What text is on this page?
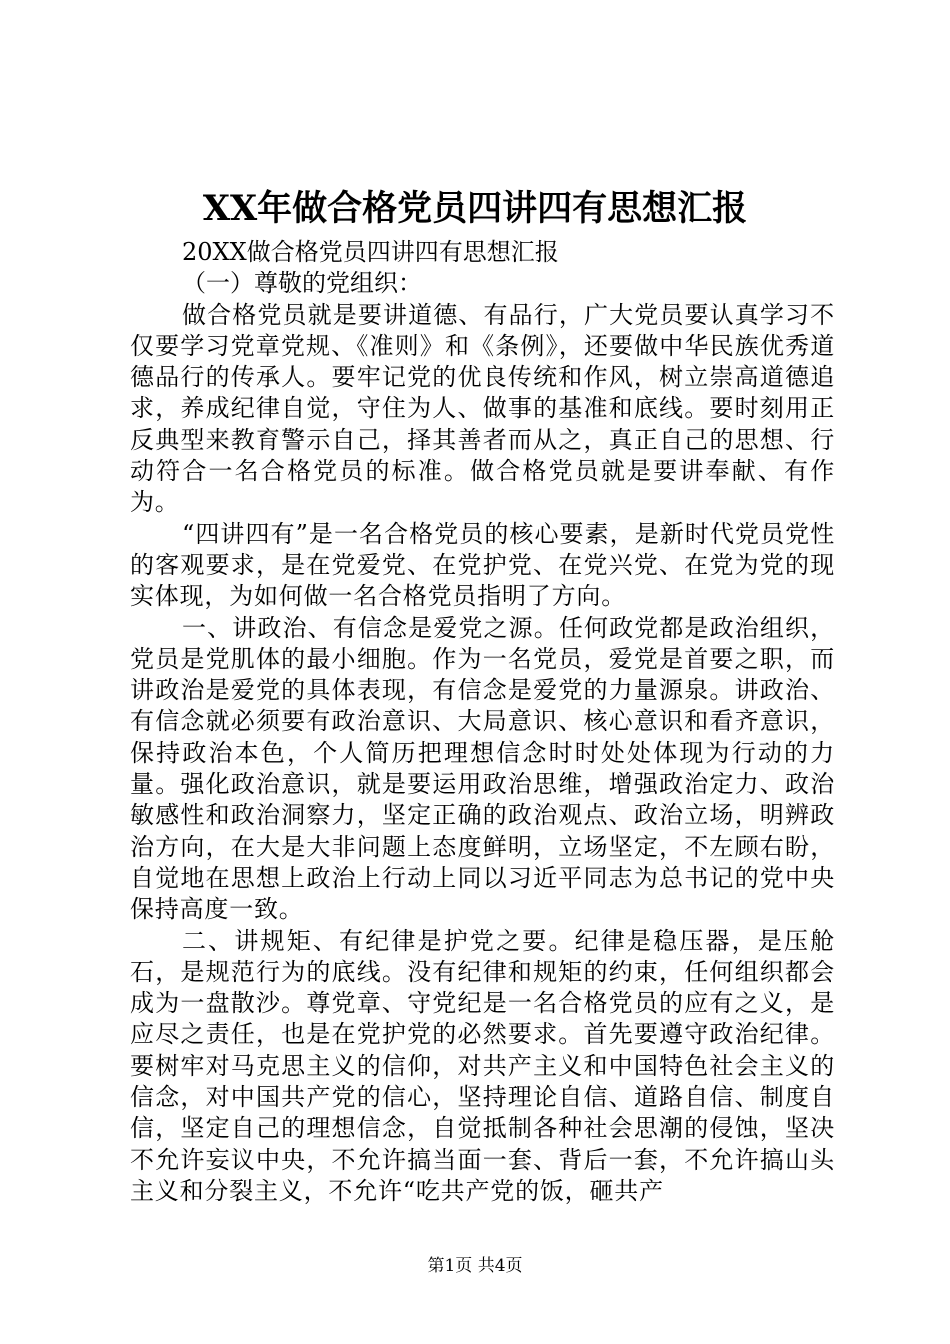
XX年做合格党员四讲四有思想汇报

20XX做合格党员四讲四有思想汇报

（一）尊敬的党组织：

做合格党员就是要讲道德、有品行，广大党员要认真学习不仅要学习党章党规、《准则》和《条例》，还要做中华民族优秀道德品行的传承人。要牢记党的优良传统和作风，树立崇高道德追求，养成纪律自觉，守住为人、做事的基准和底线。要时刻用正反典型来教育警示自己，择其善者而从之，真正自己的思想、行动符合一名合格党员的标准。做合格党员就是要讲奉献、有作为。

“四讲四有”是一名合格党员的核心要素，是新时代党员党性的客观要求，是在党爱党、在党护党、在党兴党、在党为党的现实体现，为如何做一名合格党员指明了方向。

一、讲政治、有信念是爱党之源。任何政党都是政治组织，党员是党肌体的最小细胞。作为一名党员，爱党是首要之职，而讲政治是爱党的具体表现，有信念是爱党的力量源泉。讲政治、有信念就必须要有政治意识、大局意识、核心意识和看齐意识，保持政治本色，个人简历把理想信念时时处处体现为行动的力量。强化政治意识，就是要运用政治思维，增强政治定力、政治敏感性和政治洞察力，坚定正确的政治观点、政治立场，明辨政治方向，在大是大非问题上态度鲜明，立场坚定，不左顾右盼，自觉地在思想上政治上行动上同以习近平同志为总书记的党中央保持高度一致。

二、讲规矩、有纪律是护党之要。纪律是稳压器，是压舱石，是规范行为的底线。没有纪律和规矩的约束，任何组织都会成为一盘散沙。尊党章、守党纪是一名合格党员的应有之义，是应尽之责任，也是在党护党的必然要求。首先要遵守政治纪律。要树牢对马克思主义的信仰，对共产主义和中国特色社会主义的信念，对中国共产党的信心，坚持理论自信、道路自信、制度自信，坚定自己的理想信念，自觉抵制各种社会思潮的侵蚀，坚决不允许妄议中央，不允许搞当面一套、背后一套，不允许搞山头主义和分裂主义，不允许“吃共产党的饭，砸共产

第1页 共4页
